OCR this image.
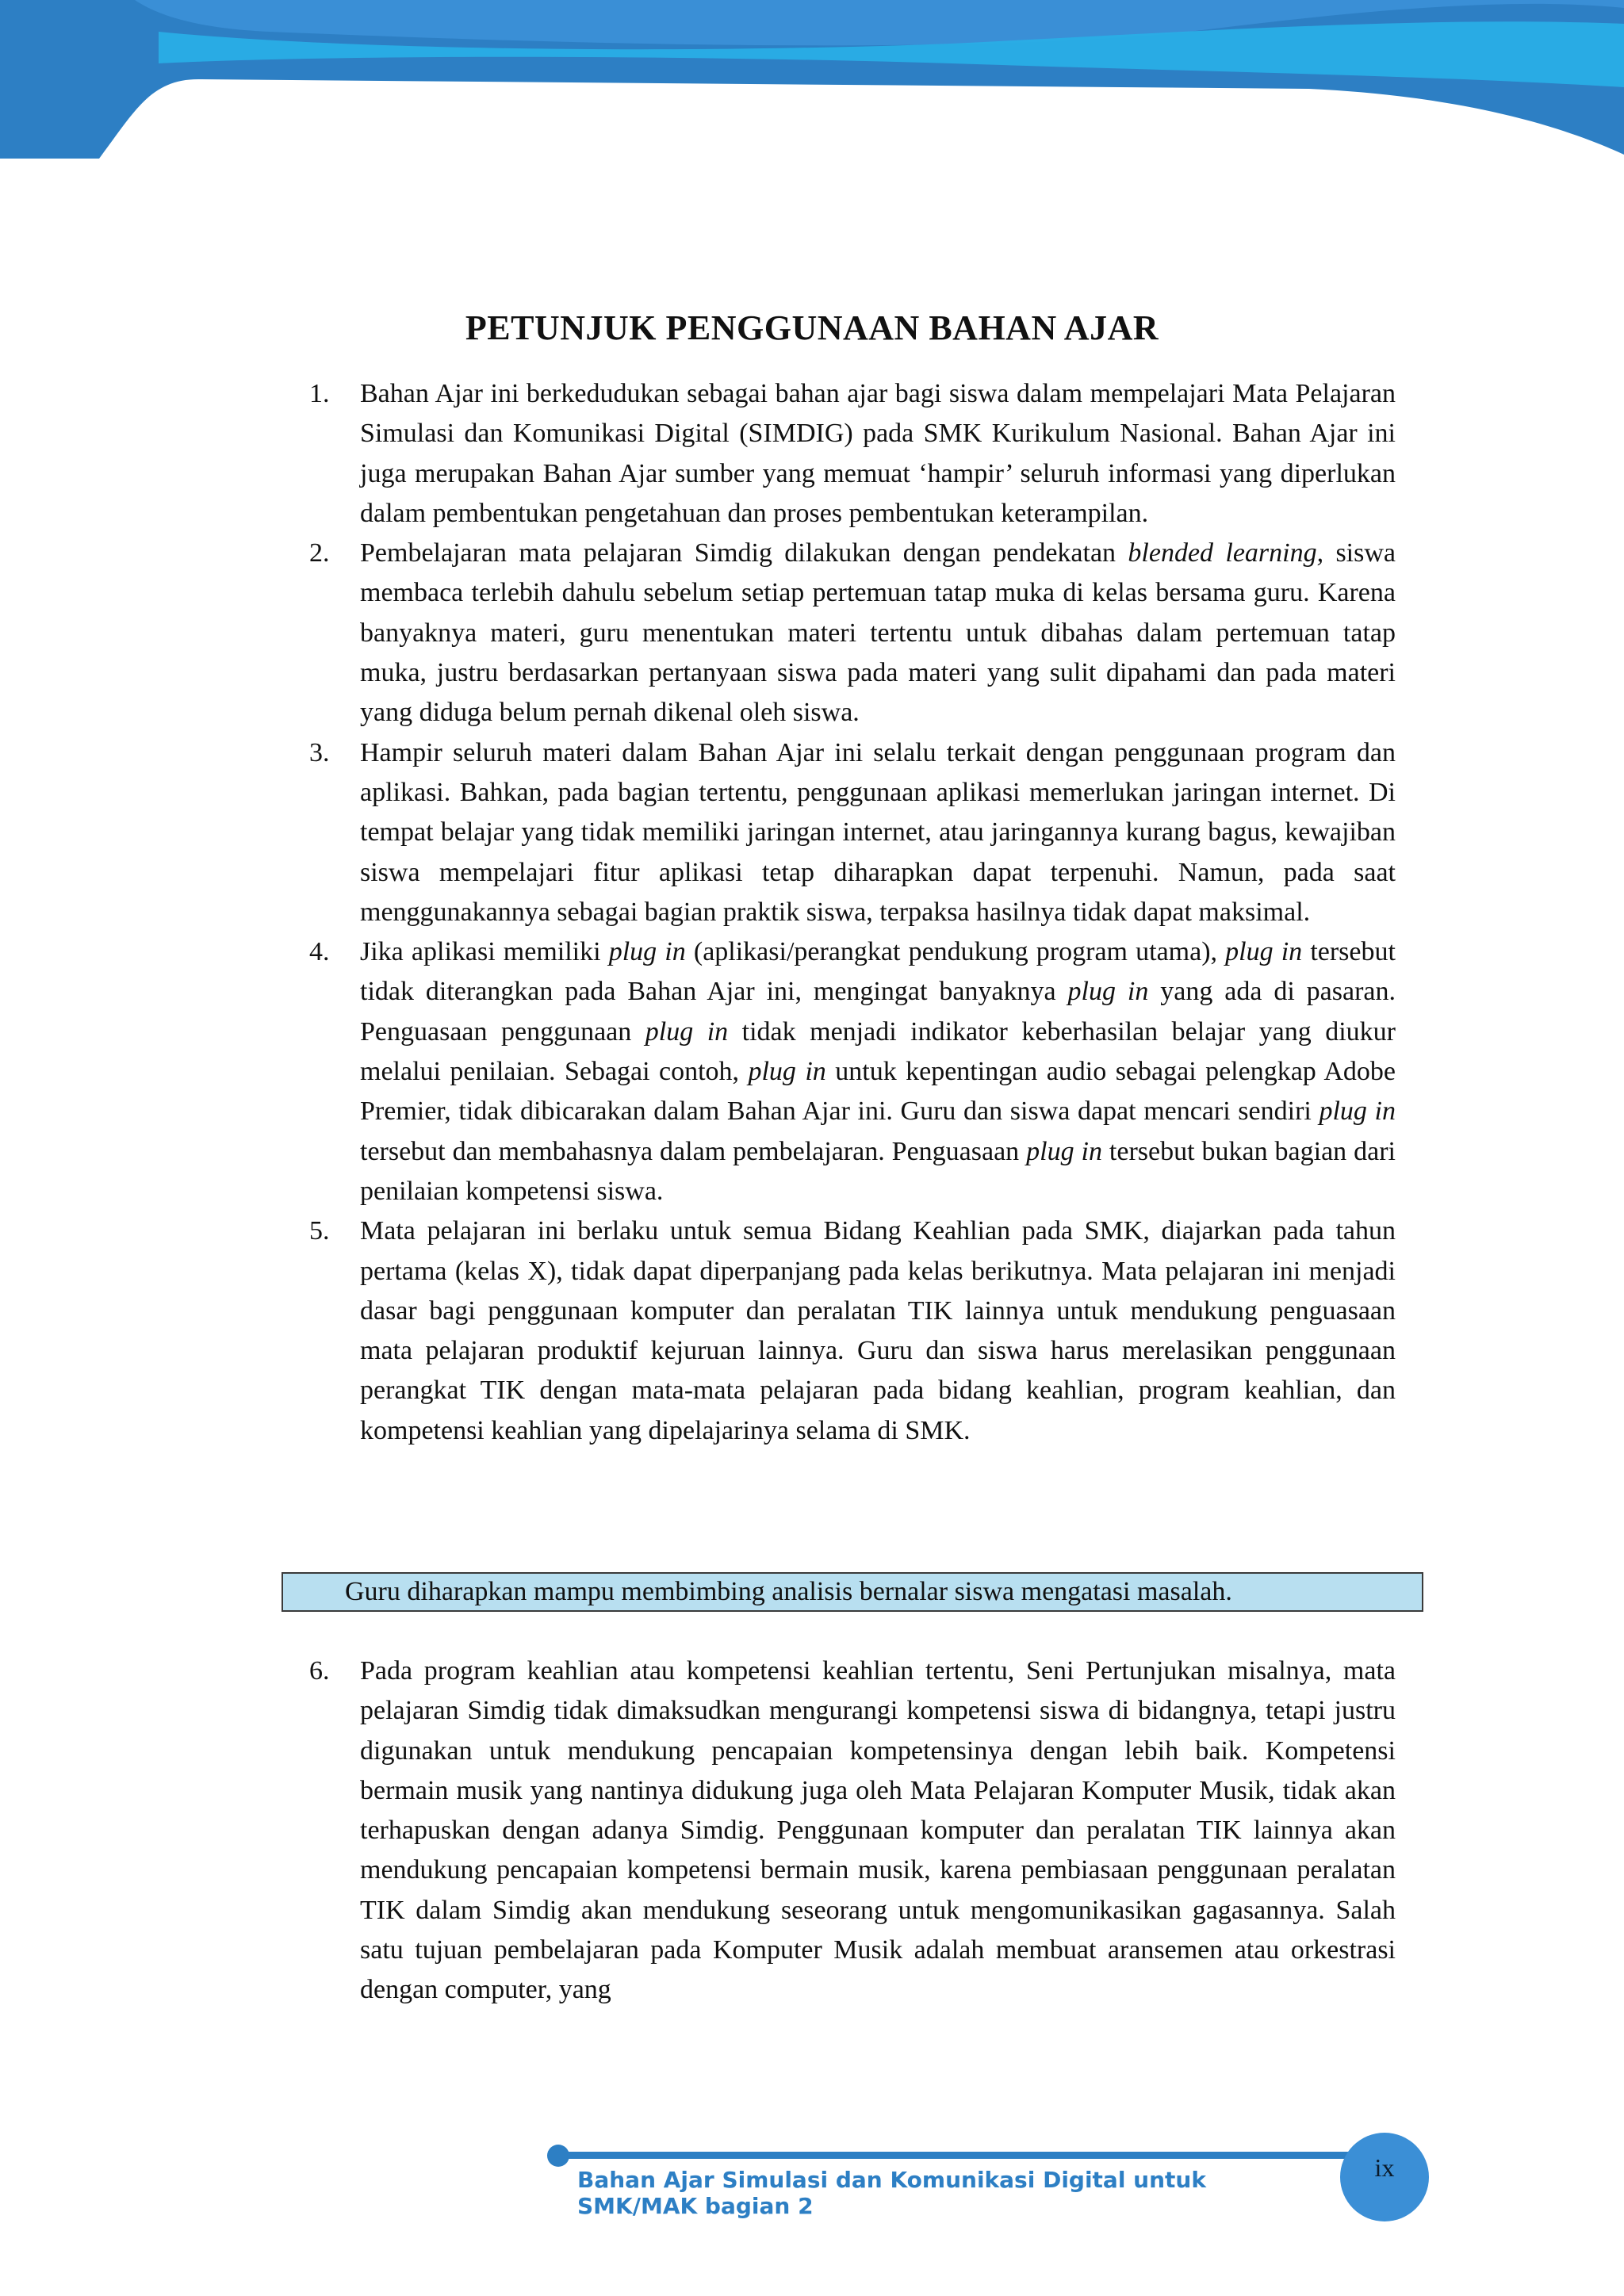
PETUNJUK PENGGUNAAN BAHAN AJAR
1.	Bahan Ajar ini berkedudukan sebagai bahan ajar bagi siswa dalam mempelajari Mata Pelajaran Simulasi dan Komunikasi Digital (SIMDIG) pada SMK Kurikulum Nasional. Bahan Ajar ini juga merupakan Bahan Ajar sumber yang memuat ‘hampir’ seluruh informasi yang diperlukan dalam pembentukan pengetahuan dan proses pembentukan keterampilan.
2.	Pembelajaran mata pelajaran Simdig dilakukan dengan pendekatan blended learning, siswa membaca terlebih dahulu sebelum setiap pertemuan tatap muka di kelas bersama guru. Karena banyaknya materi, guru menentukan materi tertentu untuk dibahas dalam pertemuan tatap muka, justru berdasarkan pertanyaan siswa pada materi yang sulit dipahami dan pada materi yang diduga belum pernah dikenal oleh siswa.
3.	Hampir seluruh materi dalam Bahan Ajar ini selalu terkait dengan penggunaan program dan aplikasi. Bahkan, pada bagian tertentu, penggunaan aplikasi memerlukan jaringan internet. Di tempat belajar yang tidak memiliki jaringan internet, atau jaringannya kurang bagus, kewajiban siswa mempelajari fitur aplikasi tetap diharapkan dapat terpenuhi. Namun, pada saat menggunakannya sebagai bagian praktik siswa, terpaksa hasilnya tidak dapat maksimal.
4.	Jika aplikasi memiliki plug in (aplikasi/perangkat pendukung program utama), plug in tersebut tidak diterangkan pada Bahan Ajar ini, mengingat banyaknya plug in yang ada di pasaran. Penguasaan penggunaan plug in tidak menjadi indikator keberhasilan belajar yang diukur melalui penilaian. Sebagai contoh, plug in untuk kepentingan audio sebagai pelengkap Adobe Premier, tidak dibicarakan dalam Bahan Ajar ini. Guru dan siswa dapat mencari sendiri plug in tersebut dan membahasnya dalam pembelajaran. Penguasaan plug in tersebut bukan bagian dari penilaian kompetensi siswa.
5.	Mata pelajaran ini berlaku untuk semua Bidang Keahlian pada SMK, diajarkan pada tahun pertama (kelas X), tidak dapat diperpanjang pada kelas berikutnya. Mata pelajaran ini menjadi dasar bagi penggunaan komputer dan peralatan TIK lainnya untuk mendukung penguasaan mata pelajaran produktif kejuruan lainnya. Guru dan siswa harus merelasikan penggunaan perangkat TIK dengan mata-mata pelajaran pada bidang keahlian, program keahlian, dan kompetensi keahlian yang dipelajarinya selama di SMK.
Guru diharapkan mampu membimbing analisis bernalar siswa mengatasi masalah.
6.	Pada program keahlian atau kompetensi keahlian tertentu, Seni Pertunjukan misalnya, mata pelajaran Simdig tidak dimaksudkan mengurangi kompetensi siswa di bidangnya, tetapi justru digunakan untuk mendukung pencapaian kompetensinya dengan lebih baik. Kompetensi bermain musik yang nantinya didukung juga oleh Mata Pelajaran Komputer Musik, tidak akan terhapuskan dengan adanya Simdig. Penggunaan komputer dan peralatan TIK lainnya akan mendukung pencapaian kompetensi bermain musik, karena pembiasaan penggunaan peralatan TIK dalam Simdig akan mendukung seseorang untuk mengomunikasikan gagasannya. Salah satu tujuan pembelajaran pada Komputer Musik adalah membuat aransemen atau orkestrasi dengan computer, yang
Bahan Ajar Simulasi dan Komunikasi Digital untuk SMK/MAK bagian 2
ix
